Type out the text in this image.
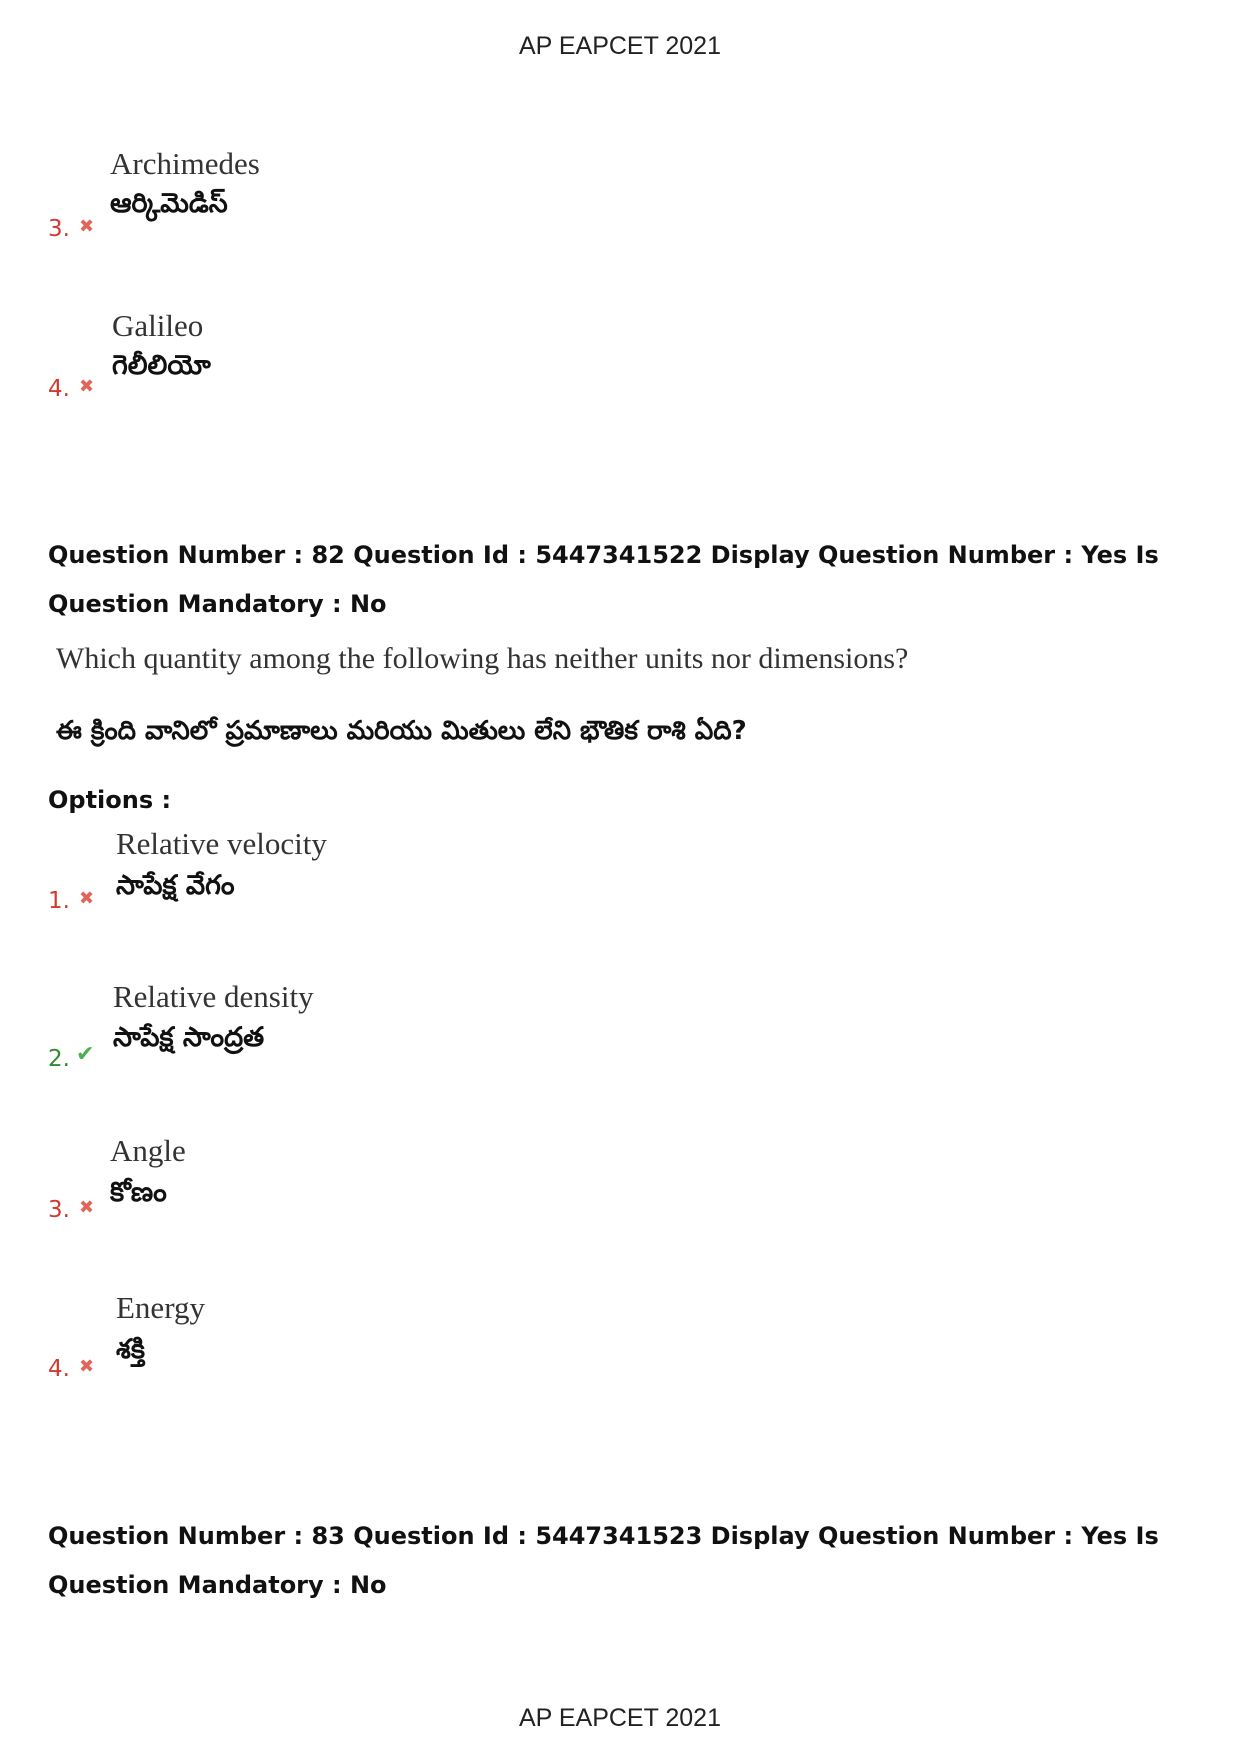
AP EAPCET 2021
Archimedes
ఆర్కిమెడిస్
3. ✖
Galileo
గెలీలియో
4. ✖
Question Number : 82 Question Id : 5447341522 Display Question Number : Yes Is Question Mandatory : No
Which quantity among the following has neither units nor dimensions?
ఈ క్రింది వానిలో ప్రమాణాలు మరియు మితులు లేని భౌతిక రాశి ఏది?
Options :
Relative velocity
సాపేక్ష వేగం
1. ✖
Relative density
సాపేక్ష సాంద్రత
2. ✔
Angle
కోణం
3. ✖
Energy
శక్తి
4. ✖
Question Number : 83 Question Id : 5447341523 Display Question Number : Yes Is Question Mandatory : No
AP EAPCET 2021
